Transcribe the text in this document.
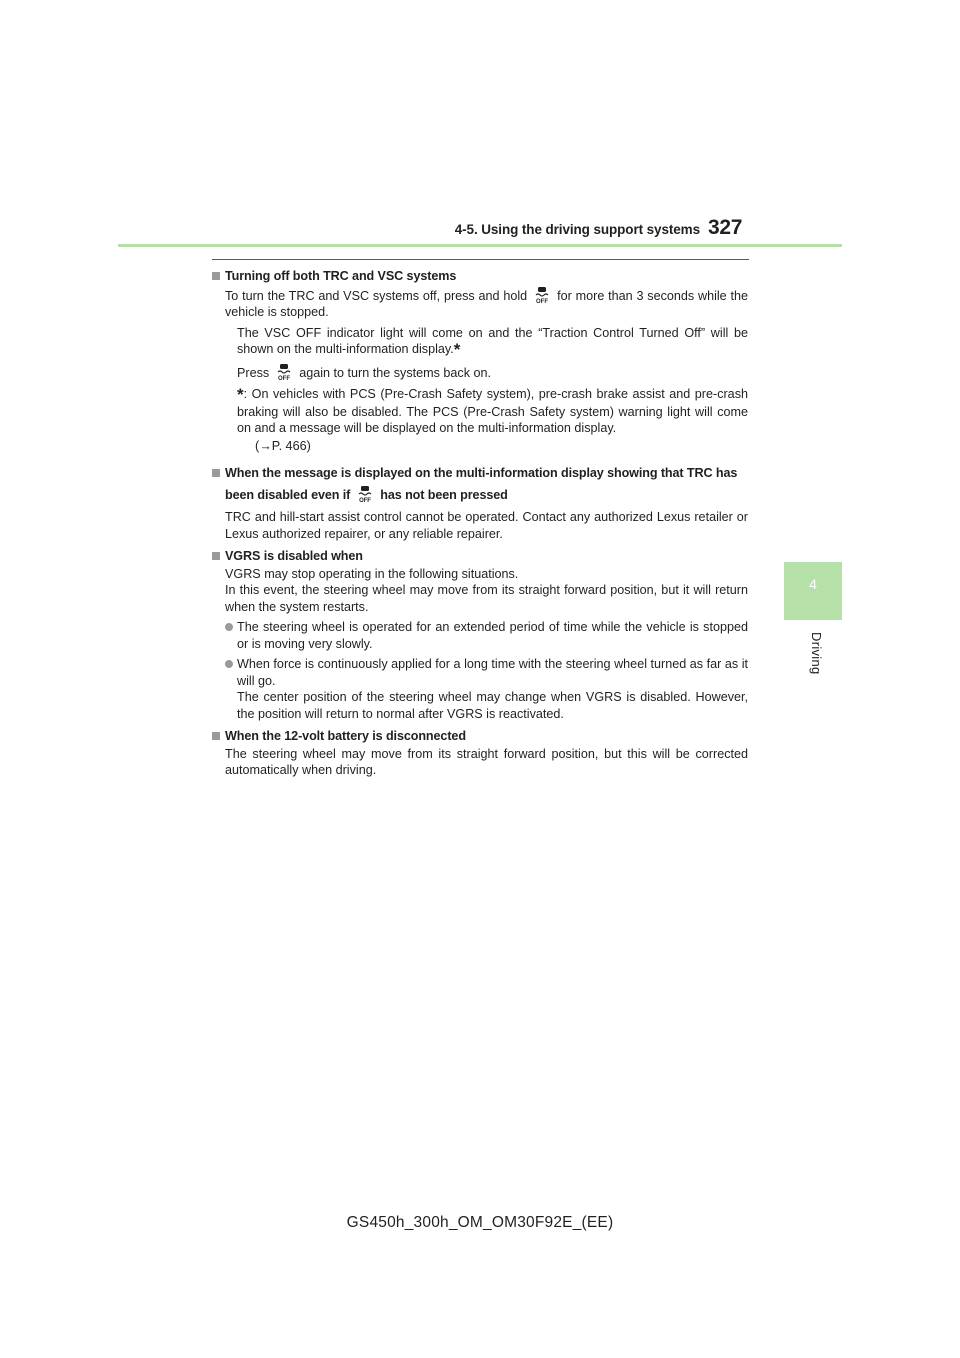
4-5. Using the driving support systems 327
4
Driving
Turning off both TRC and VSC systems
To turn the TRC and VSC systems off, press and hold OFF for more than 3 seconds while the vehicle is stopped.
The VSC OFF indicator light will come on and the “Traction Control Turned Off” will be shown on the multi-information display.*
Press OFF again to turn the systems back on.
*: On vehicles with PCS (Pre-Crash Safety system), pre-crash brake assist and pre-crash braking will also be disabled. The PCS (Pre-Crash Safety system) warning light will come on and a message will be displayed on the multi-information display.
(→P. 466)
When the message is displayed on the multi-information display showing that TRC has been disabled even if OFF has not been pressed
TRC and hill-start assist control cannot be operated. Contact any authorized Lexus retailer or Lexus authorized repairer, or any reliable repairer.
VGRS is disabled when
VGRS may stop operating in the following situations.
In this event, the steering wheel may move from its straight forward position, but it will return when the system restarts.
The steering wheel is operated for an extended period of time while the vehicle is stopped or is moving very slowly.
When force is continuously applied for a long time with the steering wheel turned as far as it will go.
The center position of the steering wheel may change when VGRS is disabled. However, the position will return to normal after VGRS is reactivated.
When the 12-volt battery is disconnected
The steering wheel may move from its straight forward position, but this will be corrected automatically when driving.
GS450h_300h_OM_OM30F92E_(EE)
